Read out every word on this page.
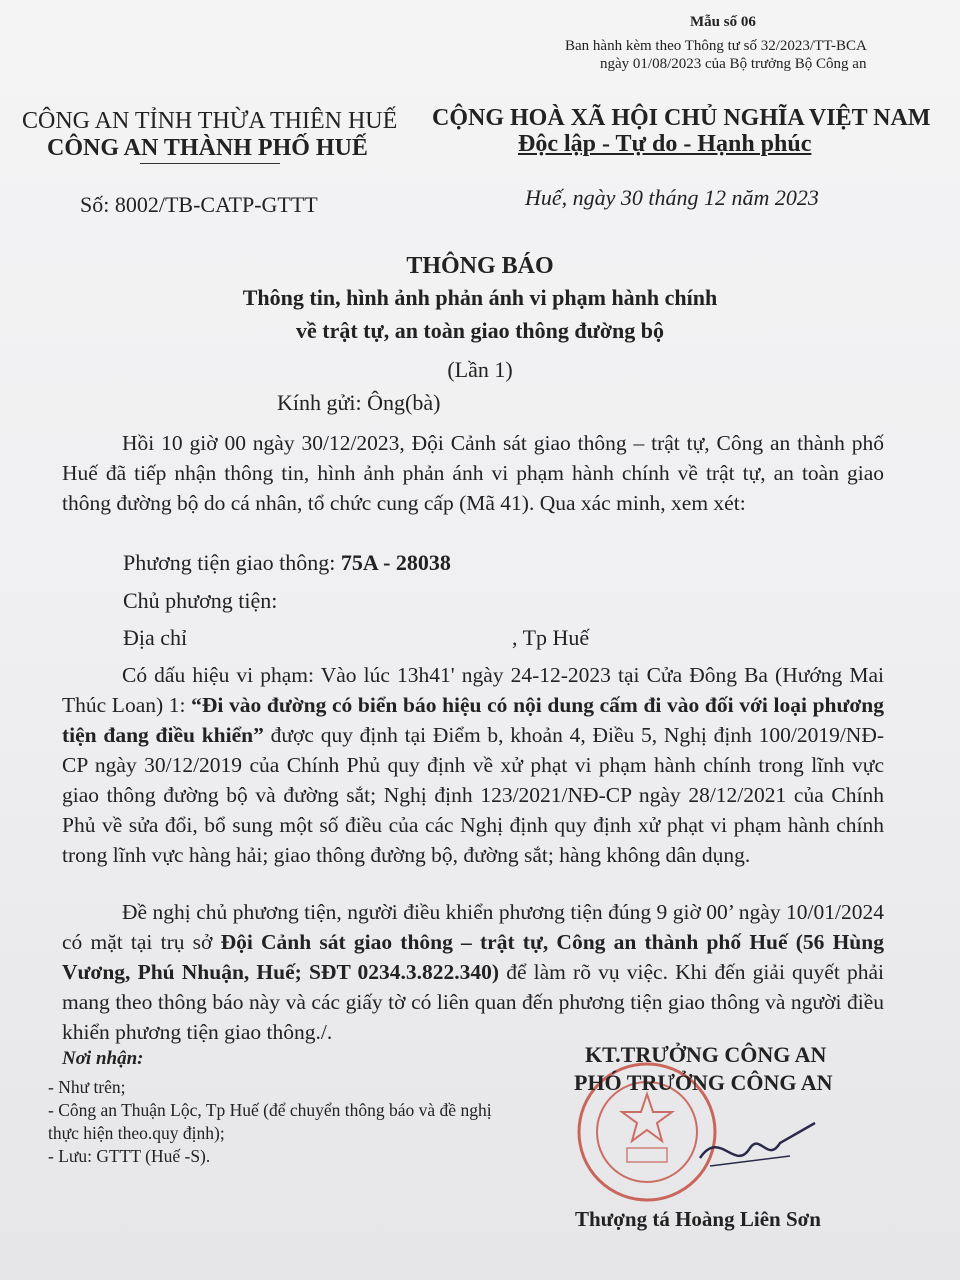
Mẫu số 06
Ban hành kèm theo Thông tư số 32/2023/TT-BCA
ngày 01/08/2023 của Bộ trưởng Bộ Công an
CÔNG AN TỈNH THỪA THIÊN HUẾ
CÔNG AN THÀNH PHỐ HUẾ
CỘNG HOÀ XÃ HỘI CHỦ NGHĨA VIỆT NAM
Độc lập - Tự do - Hạnh phúc
Số: 8002/TB-CATP-GTTT	Huế, ngày 30 tháng 12 năm 2023
THÔNG BÁO
Thông tin, hình ảnh phản ánh vi phạm hành chính
về trật tự, an toàn giao thông đường bộ
(Lần 1)
Kính gửi: Ông(bà)
Hồi 10 giờ 00 ngày 30/12/2023, Đội Cảnh sát giao thông – trật tự, Công an thành phố Huế đã tiếp nhận thông tin, hình ảnh phản ánh vi phạm hành chính về trật tự, an toàn giao thông đường bộ do cá nhân, tổ chức cung cấp (Mã 41). Qua xác minh, xem xét:
Phương tiện giao thông: 75A - 28038
Chủ phương tiện:
Địa chỉ	, Tp Huế
Có dấu hiệu vi phạm: Vào lúc 13h41' ngày 24-12-2023 tại Cửa Đông Ba (Hướng Mai Thúc Loan) 1: “Đi vào đường có biển báo hiệu có nội dung cấm đi vào đối với loại phương tiện đang điều khiển” được quy định tại Điểm b, khoản 4, Điều 5, Nghị định 100/2019/NĐ-CP ngày 30/12/2019 của Chính Phủ quy định về xử phạt vi phạm hành chính trong lĩnh vực giao thông đường bộ và đường sắt; Nghị định 123/2021/NĐ-CP ngày 28/12/2021 của Chính Phủ về sửa đổi, bổ sung một số điều của các Nghị định quy định xử phạt vi phạm hành chính trong lĩnh vực hàng hải; giao thông đường bộ, đường sắt; hàng không dân dụng.
Đề nghị chủ phương tiện, người điều khiển phương tiện đúng 9 giờ 00’ ngày 10/01/2024 có mặt tại trụ sở Đội Cảnh sát giao thông – trật tự, Công an thành phố Huế (56 Hùng Vương, Phú Nhuận, Huế; SĐT 0234.3.822.340) để làm rõ vụ việc. Khi đến giải quyết phải mang theo thông báo này và các giấy tờ có liên quan đến phương tiện giao thông và người điều khiển phương tiện giao thông./.
Nơi nhận:
- Như trên;
- Công an Thuận Lộc, Tp Huế (để chuyển thông báo và đề nghị thực hiện theo.quy định);
- Lưu: GTTT (Huế -S).
KT.TRƯỞNG CÔNG AN
PHÓ TRƯỞNG CÔNG AN
Thượng tá Hoàng Liên Sơn
